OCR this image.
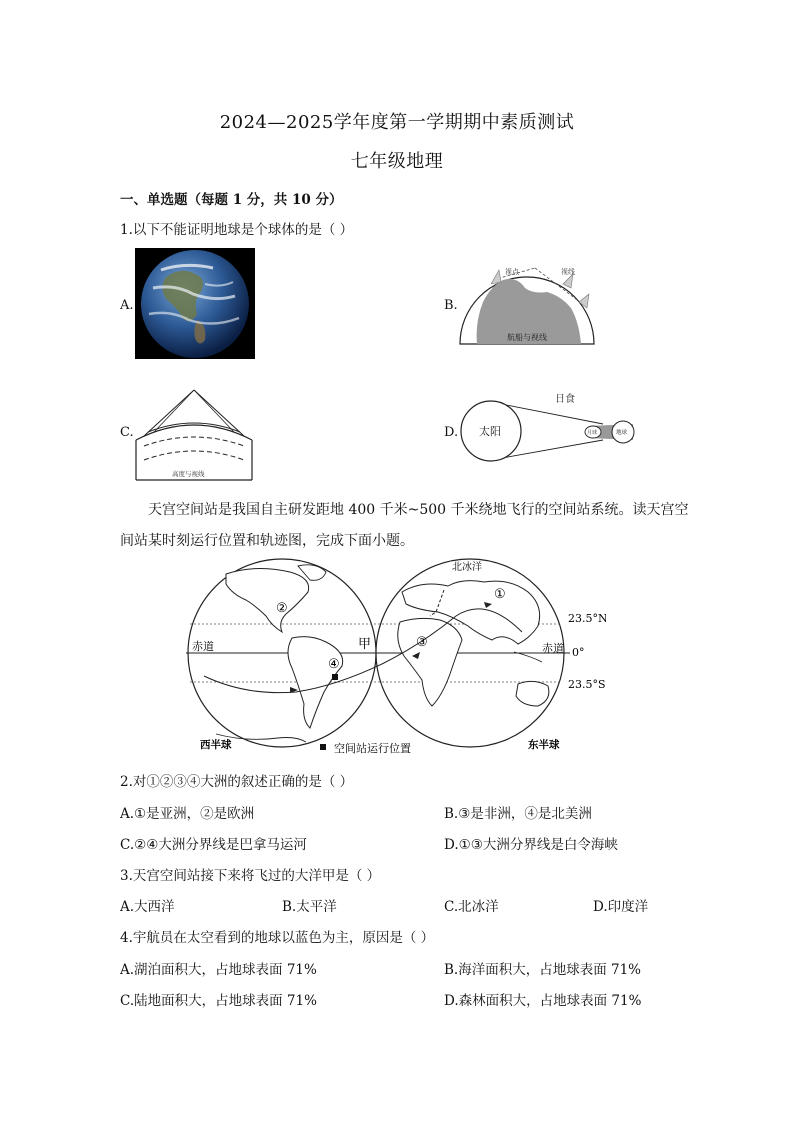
2024—2025学年度第一学期期中素质测试
七年级地理
一、单选题（每题 1 分，共 10 分）
1.以下不能证明地球是个球体的是（ ）
A.	B.
视点	视线
航船与视线
C.
高度与视线
D.
日食
太阳	月球	地球
天宫空间站是我国自主研发距地 400 千米~500 千米绕地飞行的空间站系统。读天宫空
间站某时刻运行位置和轨迹图，完成下面小题。
②
④
③
①
甲
北冰洋
赤道	赤道
23.5°N
0°
23.5°S
西半球	东半球
空间站运行位置
2.对①②③④大洲的叙述正确的是（ ）
A.①是亚洲，②是欧洲	B.③是非洲，④是北美洲
C.②④大洲分界线是巴拿马运河	D.①③大洲分界线是白令海峡
3.天宫空间站接下来将飞过的大洋甲是（ ）
A.大西洋	B.太平洋	C.北冰洋	D.印度洋
4.宇航员在太空看到的地球以蓝色为主，原因是（ ）
A.湖泊面积大，占地球表面 71%	B.海洋面积大，占地球表面 71%
C.陆地面积大，占地球表面 71%	D.森林面积大，占地球表面 71%
